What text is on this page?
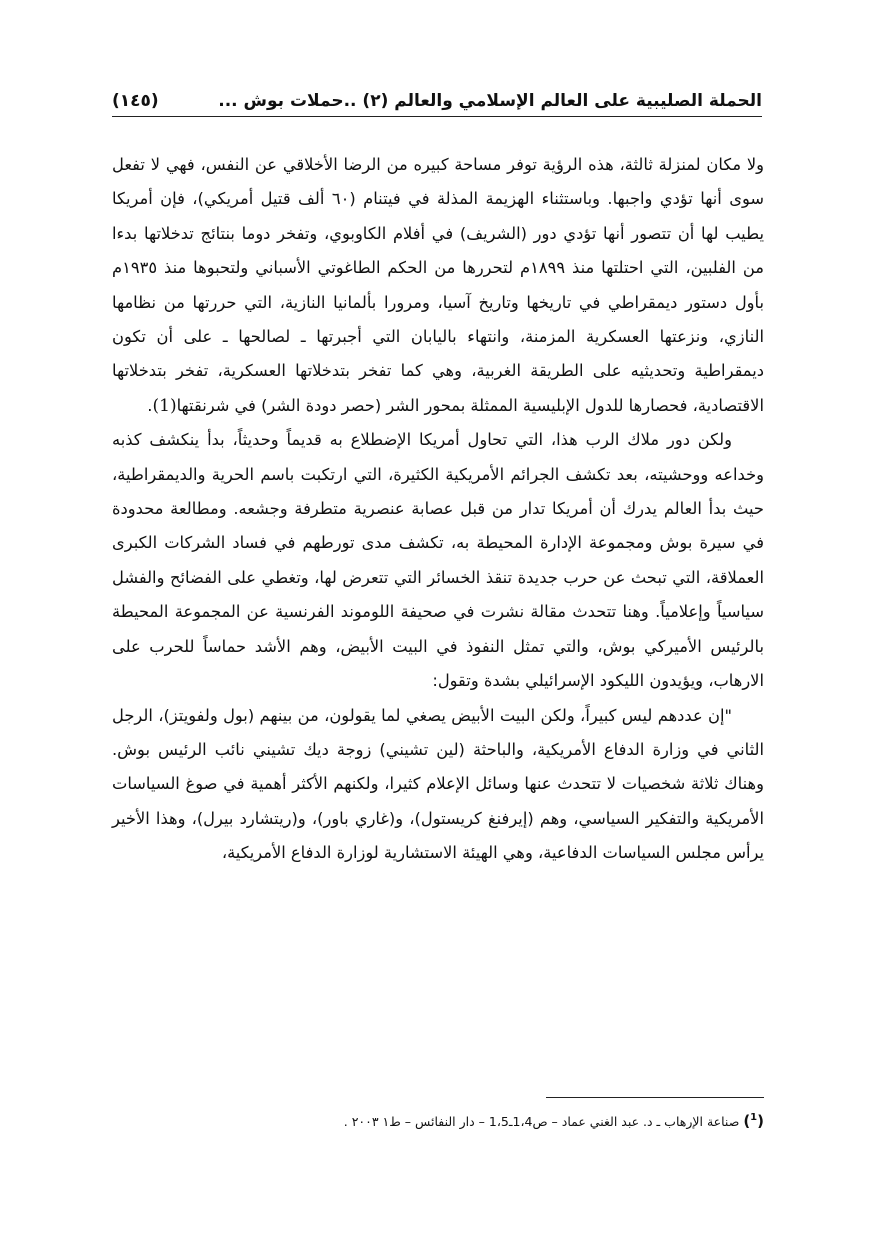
الحملة الصليبية على العالم الإسلامي والعالم (٢) ..حملات بوش ...
(١٤٥)

ولا مكان لمنزلة ثالثة، هذه الرؤية توفر مساحة كبيره من الرضا الأخلاقي عن النفس، فهي لا تفعل سوى أنها تؤدي واجبها. وباستثناء الهزيمة المذلة في فيتنام (٦٠ ألف قتيل أمريكي)، فإن أمريكا يطيب لها أن تتصور أنها تؤدي دور (الشريف) في أفلام الكاوبوي، وتفخر دوما بنتائج تدخلاتها بدءا من الفلبين، التي احتلتها منذ ١٨٩٩م لتحررها من الحكم الطاغوتي الأسباني ولتحبوها منذ ١٩٣٥م بأول دستور ديمقراطي في تاريخها وتاريخ آسيا، ومرورا بألمانيا النازية، التي حررتها من نظامها النازي، ونزعتها العسكرية المزمنة، وانتهاء باليابان التي أجبرتها ـ لصالحها ـ على أن تكون ديمقراطية وتحديثيه على الطريقة الغربية، وهي كما تفخر بتدخلاتها العسكرية، تفخر بتدخلاتها الاقتصادية، فحصارها للدول الإبليسية الممثلة بمحور الشر (حصر دودة الشر) في شرنقتها(1).

ولكن دور ملاك الرب هذا، التي تحاول أمريكا الإضطلاع به قديماً وحديثاً، بدأ ينكشف كذبه وخداعه ووحشيته، بعد تكشف الجرائم الأمريكية الكثيرة، التي ارتكبت باسم الحرية والديمقراطية، حيث بدأ العالم يدرك أن أمريكا تدار من قبل عصابة عنصرية متطرفة وجشعه. ومطالعة محدودة في سيرة بوش ومجموعة الإدارة المحيطة به، تكشف مدى تورطهم في فساد الشركات الكبرى العملاقة، التي تبحث عن حرب جديدة تنقذ الخسائر التي تتعرض لها، وتغطي على الفضائح والفشل سياسياً وإعلامياً. وهنا تتحدث مقالة نشرت في صحيفة اللوموند الفرنسية عن المجموعة المحيطة بالرئيس الأميركي بوش، والتي تمثل النفوذ في البيت الأبيض، وهم الأشد حماساً للحرب على الارهاب، ويؤيدون الليكود الإسرائيلي بشدة وتقول:

"إن عددهم ليس كبيراً، ولكن البيت الأبيض يصغي لما يقولون، من بينهم (بول ولفويتز)، الرجل الثاني في وزارة الدفاع الأمريكية، والباحثة (لين تشيني) زوجة ديك تشيني نائب الرئيس بوش. وهناك ثلاثة شخصيات لا تتحدث عنها وسائل الإعلام كثيرا، ولكنهم الأكثر أهمية في صوغ السياسات الأمريكية والتفكير السياسي، وهم (إيرفنغ كريستول)، و(غاري باور)، و(ريتشارد بيرل)، وهذا الأخير يرأس مجلس السياسات الدفاعية، وهي الهيئة الاستشارية لوزارة الدفاع الأمريكية،

($^1$) صناعة الإرهاب ـ د. عبد الغني عماد – ص1،4ـ1،5 – دار النفائس – ط١ ٢٠٠٣ .
